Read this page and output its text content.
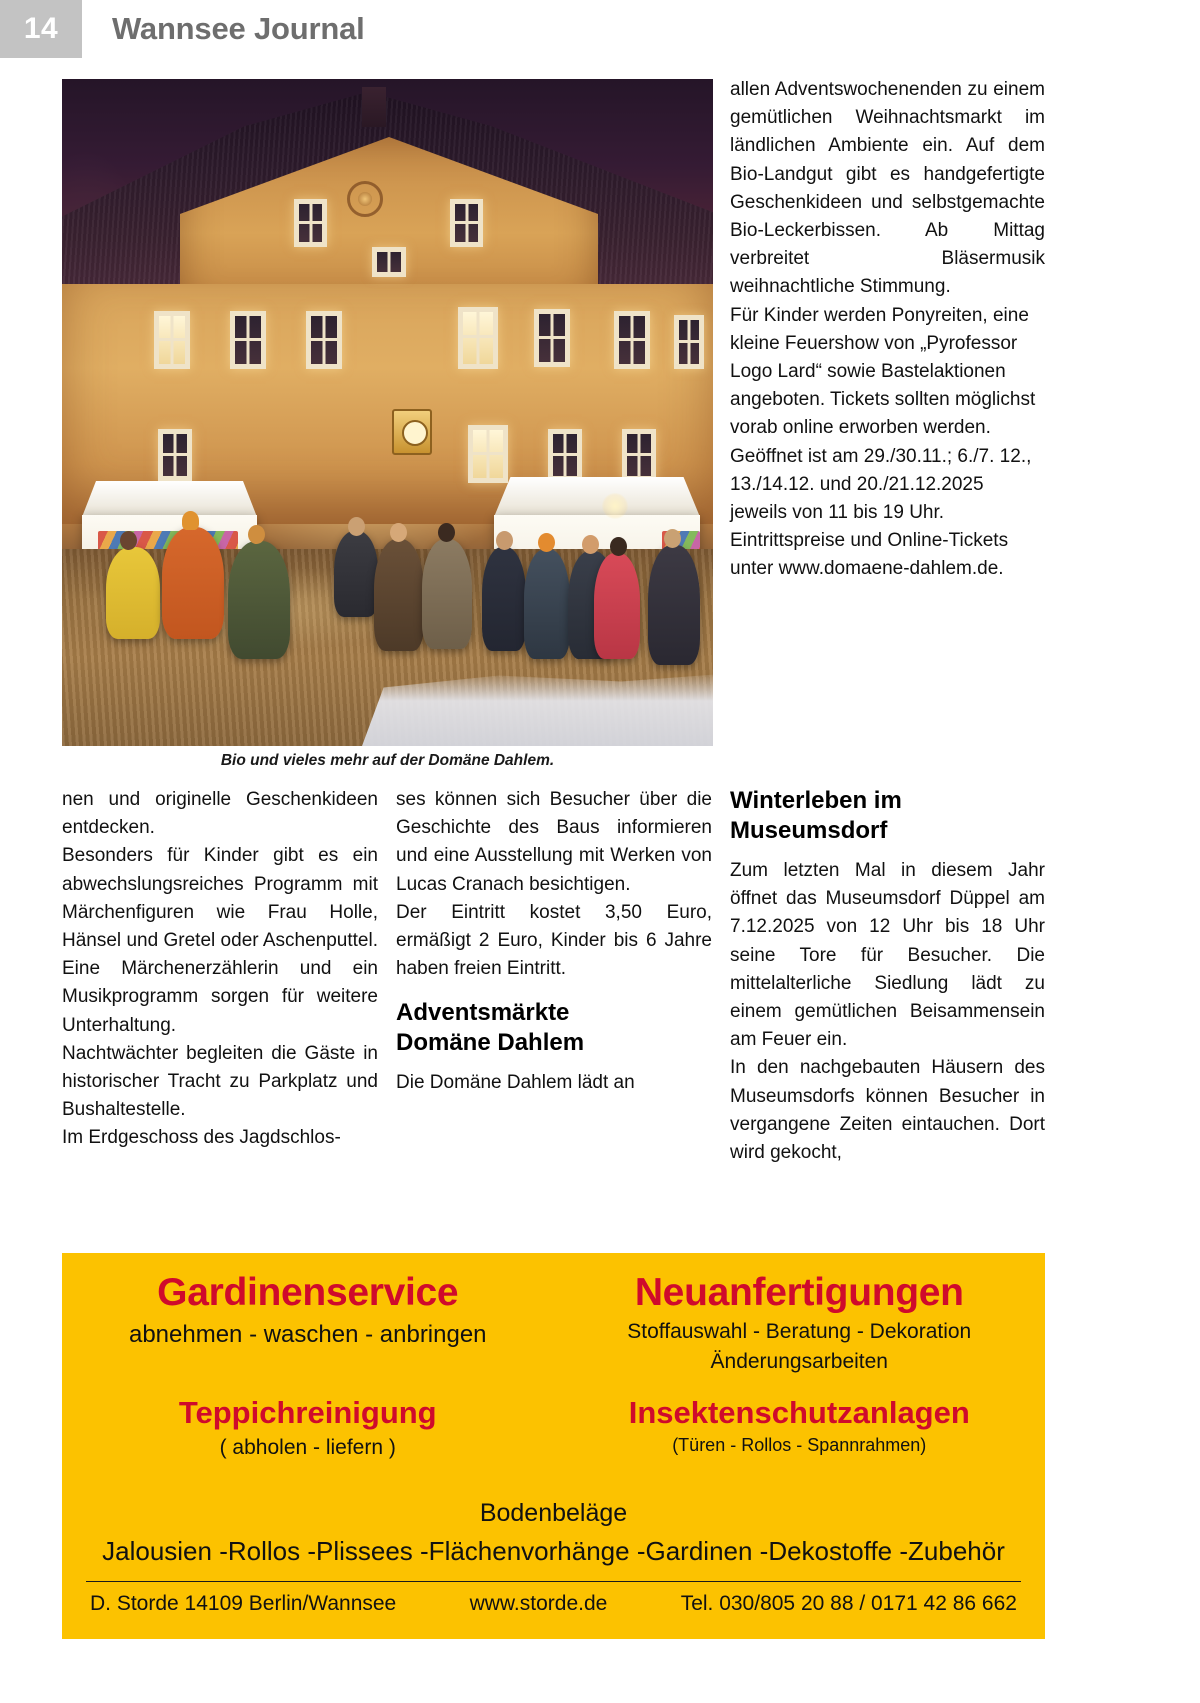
14 Wannsee Journal
Bio und vieles mehr auf der Domäne Dahlem.

allen Adventswochenenden zu einem gemütlichen Weihnachtsmarkt im ländlichen Ambiente ein. Auf dem Bio-Landgut gibt es handgefertigte Geschenkideen und selbstgemachte Bio-Leckerbissen. Ab Mittag verbreitet Bläsermusik weihnachtliche Stimmung.

Für Kinder werden Ponyreiten, eine kleine Feuershow von „Pyrofessor Logo Lard“ sowie Bastelaktionen angeboten. Tickets sollten möglichst vorab online erworben werden. Geöffnet ist am 29./30.11.; 6./7. 12., 13./14.12. und 20./21.12.2025 jeweils von 11 bis 19 Uhr. Eintrittspreise und Online-Tickets unter www.domaene-dahlem.de.

nen und originelle Geschenkideen entdecken.

Besonders für Kinder gibt es ein abwechslungsreiches Programm mit Märchenfiguren wie Frau Holle, Hänsel und Gretel oder Aschenputtel. Eine Märchenerzählerin und ein Musikprogramm sorgen für weitere Unterhaltung.

Nachtwächter begleiten die Gäste in historischer Tracht zu Parkplatz und Bushaltestelle.

Im Erdgeschoss des Jagdschlos-

ses können sich Besucher über die Geschichte des Baus informieren und eine Ausstellung mit Werken von Lucas Cranach besichtigen.

Der Eintritt kostet 3,50 Euro, ermäßigt 2 Euro, Kinder bis 6 Jahre haben freien Eintritt.

Adventsmärkte
Domäne Dahlem

Die Domäne Dahlem lädt an

Winterleben im
Museumsdorf

Zum letzten Mal in diesem Jahr öffnet das Museumsdorf Düppel am 7.12.2025 von 12 Uhr bis 18 Uhr seine Tore für Besucher. Die mittelalterliche Siedlung lädt zu einem gemütlichen Beisammensein am Feuer ein.

In den nachgebauten Häusern des Museumsdorfs können Besucher in vergangene Zeiten eintauchen. Dort wird gekocht,

Gardinenservice
abnehmen - waschen - anbringen
Neuanfertigungen
Stoffauswahl - Beratung - Dekoration
Änderungsarbeiten
Teppichreinigung
( abholen - liefern )
Insektenschutzanlagen
(Türen - Rollos - Spannrahmen)
Bodenbeläge
Jalousien -Rollos -Plissees -Flächenvorhänge -Gardinen -Dekostoffe -Zubehör
D. Storde 14109 Berlin/Wannsee	www.storde.de	Tel. 030/805 20 88 / 0171 42 86 662
